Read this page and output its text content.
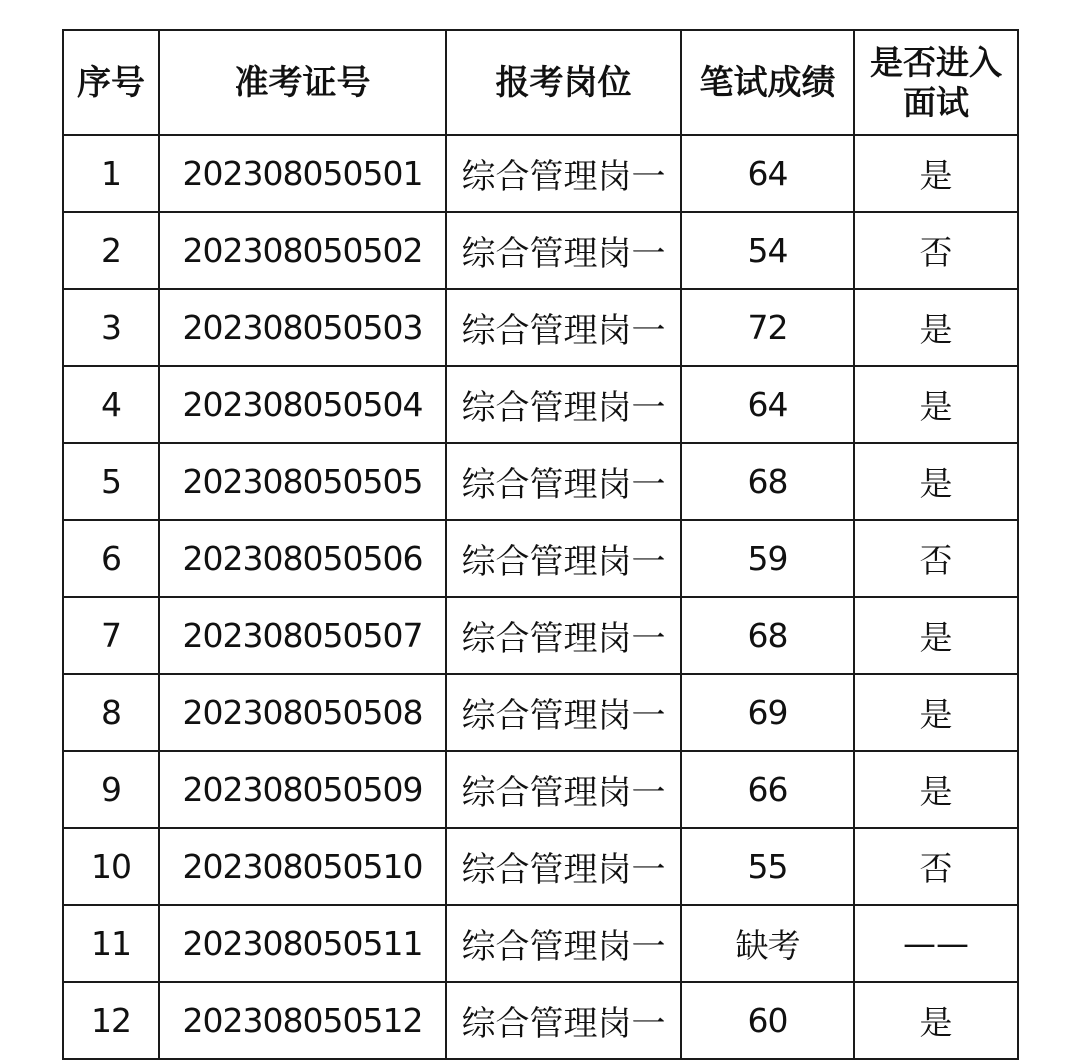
序号	准考证号	报考岗位	笔试成绩	是否进入面试
1	202308050501	综合管理岗一	64	是
2	202308050502	综合管理岗一	54	否
3	202308050503	综合管理岗一	72	是
4	202308050504	综合管理岗一	64	是
5	202308050505	综合管理岗一	68	是
6	202308050506	综合管理岗一	59	否
7	202308050507	综合管理岗一	68	是
8	202308050508	综合管理岗一	69	是
9	202308050509	综合管理岗一	66	是
10	202308050510	综合管理岗一	55	否
11	202308050511	综合管理岗一	缺考	——
12	202308050512	综合管理岗一	60	是
